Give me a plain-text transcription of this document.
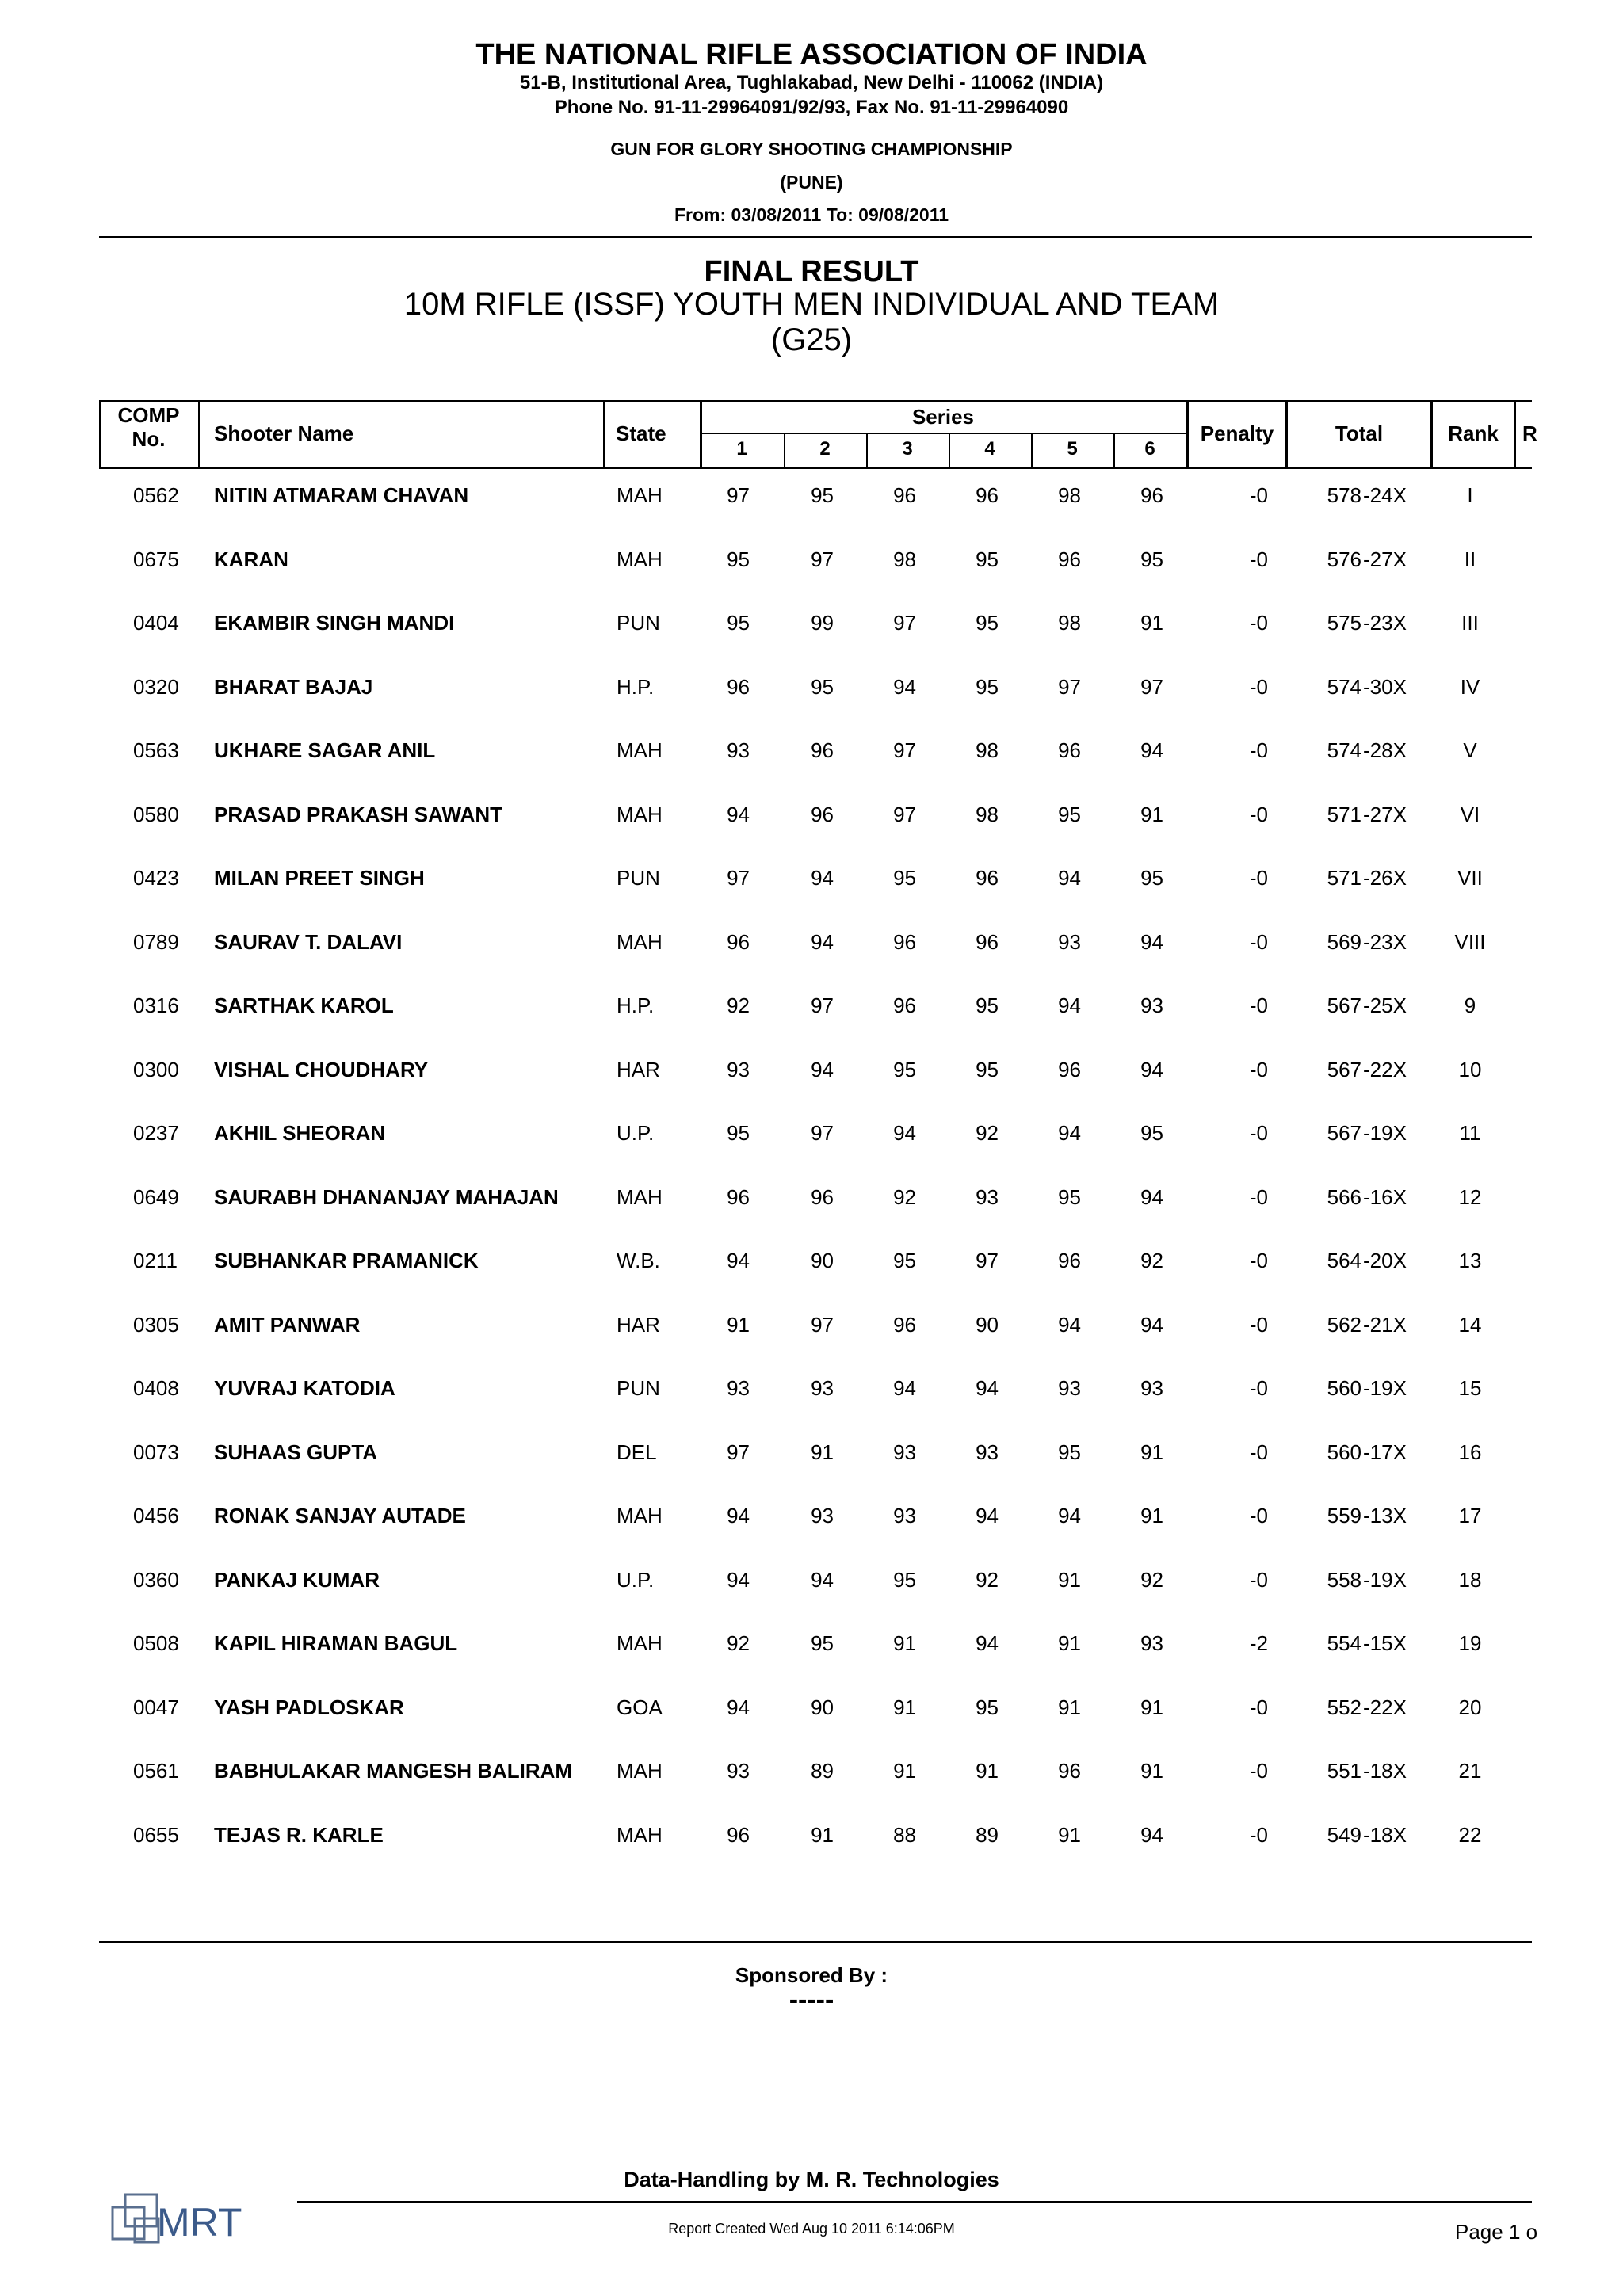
THE NATIONAL RIFLE ASSOCIATION OF INDIA
51-B, Institutional Area, Tughlakabad, New Delhi - 110062 (INDIA)
Phone No. 91-11-29964091/92/93, Fax No. 91-11-29964090
GUN FOR GLORY SHOOTING CHAMPIONSHIP
(PUNE)
From: 03/08/2011 To: 09/08/2011
FINAL RESULT
10M RIFLE (ISSF) YOUTH MEN INDIVIDUAL AND TEAM
(G25)
COMP
No.	Shooter Name	State
Series
1	2	3	4	5	6
Penalty	Total	Rank	R
0562 NITIN ATMARAM CHAVAN	MAH	97	95	96	96	98	96	-0	578 -24X	I
0675 KARAN	MAH	95	97	98	95	96	95	-0	576 -27X	II
0404 EKAMBIR SINGH MANDI	PUN	95	99	97	95	98	91	-0	575 -23X	III
0320 BHARAT BAJAJ	H.P.	96	95	94	95	97	97	-0	574 -30X	IV
0563 UKHARE SAGAR ANIL	MAH	93	96	97	98	96	94	-0	574 -28X	V
0580 PRASAD PRAKASH SAWANT	MAH	94	96	97	98	95	91	-0	571 -27X	VI
0423 MILAN PREET SINGH	PUN	97	94	95	96	94	95	-0	571 -26X	VII
0789 SAURAV T. DALAVI	MAH	96	94	96	96	93	94	-0	569 -23X	VIII
0316 SARTHAK KAROL	H.P.	92	97	96	95	94	93	-0	567 -25X	9
0300 VISHAL CHOUDHARY	HAR	93	94	95	95	96	94	-0	567 -22X	10
0237 AKHIL SHEORAN	U.P.	95	97	94	92	94	95	-0	567 -19X	11
0649 SAURABH DHANANJAY MAHAJAN	MAH	96	96	92	93	95	94	-0	566 -16X	12
0211 SUBHANKAR PRAMANICK	W.B.	94	90	95	97	96	92	-0	564 -20X	13
0305 AMIT PANWAR	HAR	91	97	96	90	94	94	-0	562 -21X	14
0408 YUVRAJ KATODIA	PUN	93	93	94	94	93	93	-0	560 -19X	15
0073 SUHAAS GUPTA	DEL	97	91	93	93	95	91	-0	560 -17X	16
0456 RONAK SANJAY AUTADE	MAH	94	93	93	94	94	91	-0	559 -13X	17
0360 PANKAJ KUMAR	U.P.	94	94	95	92	91	92	-0	558 -19X	18
0508 KAPIL HIRAMAN BAGUL	MAH	92	95	91	94	91	93	-2	554 -15X	19
0047 YASH PADLOSKAR	GOA	94	90	91	95	91	91	-0	552 -22X	20
0561 BABHULAKAR MANGESH BALIRAM MAH	93	89	91	91	96	91	-0	551 -18X	21
0655 TEJAS R. KARLE	MAH	96	91	88	89	91	94	-0	549 -18X	22
Sponsored By :
-----
Data-Handling by M. R. Technologies
Report Created Wed Aug 10 2011 6:14:06PM	Page 1 o
MRT
